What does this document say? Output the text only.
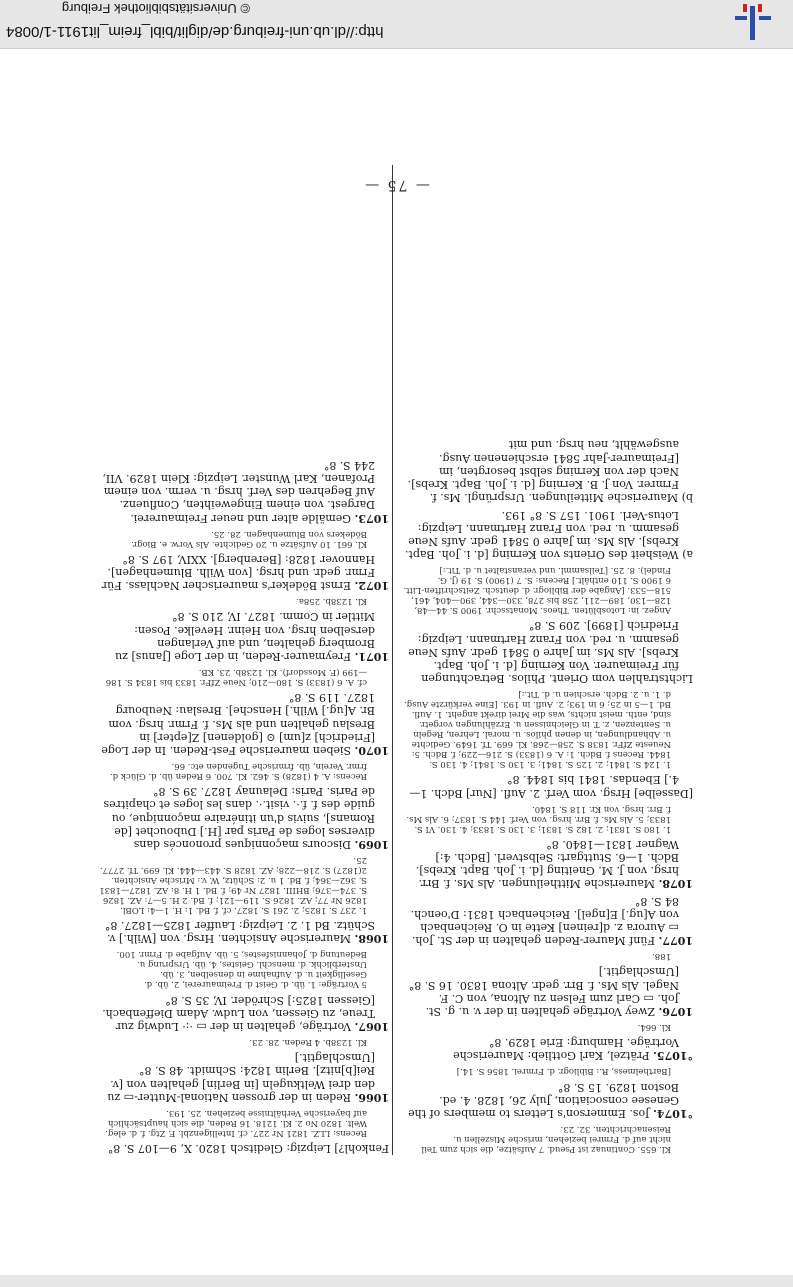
© Universitätsbibliothek Freiburg
http://dl.ub.uni-freiburg.de/diglit/bibl_freim_lit1911-1/0084

Fenkohl?] Leipzig: Gleditsch 1820. X, 9—107 S. 8°

Recens: LLZ. 1821 Nr 227. cf. Intelligenzbl. F. Ztg. f. d. eleg. Welt. 1820 No 2. Kl. 1218. 16 Reden, die sich hauptsächlich auf bayerische Verhältnisse beziehen. 25. 193.

1066. Reden in der grossen National-Mutter-▭ zu den drei Weltkugeln [in Berlin] gehalten von [v. Rei[b]nitz]. Berlin 1824: Schmidt. 48 S. 8° [Umschlagtit.]

Kl. 1238b. 4 Reden. 28. 23.

1067. Vorträge, gehalten in der ▭ ·:· Ludwig zur Treue, zu Giessen, von Ludw. Adam Dieffenbach. [Giessen 1825:] Schröder. IV, 35 S. 8°

5 Vorträge: 1. üb. d. Geist d. Freimaurerei, 2. üb. d. Geselligkeit u. d. Aufnahme in denselben, 3. üb. Unsterblichk. d. menschl. Geistes, 4. üb. Ursprung u. Bedeutung d. Johannisfestes, 5. üb. Aufgabe d. Frmr. 100.

1068. Maurerische Ansichten. Hrsg. von [Wilh.] v. Schütz. Bd 1. 2. Leipzig: Lauffer 1825—1827. 8°

1. 237 S. 1825; 2. 261 S. 1827. cf. f. Bd. 1: H. 1—4: LOBl. 1826 Nr 77; AZ. 1826 S. 119—121; f. Bd. 2 H. 5—7: AZ. 1826 S. 374—376; BHIII. 1827 Nr 49; f. Bd. 1 H. 8: AZ. 1827—1831 S. 362—364; f. Bd. 1 u. 2: Schütz, W. v.: Mrische Ansichten. 2(1827) S. 218—228; AZ. 1828 S. 443—444. Kl. 699. Tf. 2777. 25.

1069. Discours maçonniques prononcés dans diverses loges de Paris par [H.] Dubouchet [de Romans], suivis d'un itinéraire maçonnique, ou guide des f. f.·. visit.·. dans les loges et chapitres de Paris. Paris: Delaunay 1827. 39 S. 8°

Recens: A. 4 (1828) S. 462. Kl. 700. 6 Reden üb. d. Glück d. frmr. Verein, üb. frmrische Tugenden etc. 66.

1070. Sieben maurerische Fest-Reden. In der Loge [Friedrich] z[um] ⊙ [goldenen] Z[epter] in Breslau gehalten und als Ms. f. Frmr. hrsg. vom Br. A[ug.] Wilh.] Hensche]. Breslau: Neubourg 1827. 119 S. 8°

cf. A. 6 (1833) S. 180—210; Neue ZfFr. 1833 bis 1834 S. 186—199 (F. Mossdorf). Kl. 1238b. 23. KB.

1071. Freymaurer-Reden, in der Loge [Janus] zu Bromberg gehalten, und auf Verlangen derselben hrsg. von Heinr. Hevelke. Posen: Mittler in Comm. 1827. IV, 210 S. 8°

Kl. 1238b. 258a.

1072. Ernst Bödeker's maurerischer Nachlass. Für Frmr. gedr. und hrsg. [von Wilh. Blumenhagen]. Hannover 1828: [Berenberg]. XXIV, 197 S. 8°

Kl. 661. 10 Aufsätze u. 20 Gedichte. Als Vorw. e. Biogr. Bödekers von Blumenhagen. 28. 25.

1073. Gemälde alter und neuer Freimaurerei. Dargest. von einem Eingeweihten, Confluenz. Auf Begehren des Verf. hrsg. u. verm. von einem Profanen, Karl Wunster. Leipzig: Klein 1829. VII, 244 S. 8°

Kl. 655. Continuaz ist Pseud. 7 Aufsätze, die sich zum Teil nicht auf d. Frmrei beziehen, mrische Miszellen u. Reisenachrichten. 32. 23.

°1074. Jos. Emmerson's Letters to members of the Genesee consociation, July 26, 1828. 4. ed. Boston 1829. 15 S. 8°

[Barthelmess, R.: Bibliogr. d. Frmrei. 1856 S. 14.]

°1075. Prätzel, Karl Gottlieb: Maurerische Vorträge. Hamburg: Erie 1829. 8°

Kl. 664.

1076. Zwey Vorträge gehalten in der v. u. g. St. Joh. ▭ Carl zum Felsen zu Altona, von C. F. Nagel. Als Ms. f. Brr. gedr. Altona 1830. 16 S. 8° [Umschlagtit.]

188.

1077. Fünf Maurer-Reden gehalten in der St. Joh. ▭ Aurora z. d[reinen] Kette in O. Reichenbach von A[ug.] E[ngel]. Reichenbach 1831: D'oench. 84 S. 8°

1078. Maurerische Mittheilungen. Als Ms. f. Brr. hrsg. von J. M. Gneiting [d. i. Joh. Bapt. Krebs]. Bdch. 1—6. Stuttgart: Selbstverl. [Bdch. 4:] Wagner 1831—1840. 8°

1. 180 S. 1831; 2. 182 S. 1831; 3. 130 S. 1833; 4. 130. VI S. 1833; 5. Als Ms. f. Brr. hrsg. von Verf. 144 S. 1837; 6. Als Ms. f. Brr. hrsg. von Kr. 118 S. 1840.

[Dasselbe] Hrsg. vom Verf. 2. Aufl. [Nur] Bdch. 1—4.] Ebendas. 1841 bis 1844. 8°

1. 124 S. 1841; 2. 125 S. 1841; 3. 130 S. 1841; 4. 130 S. 1844. Recens f. Bdch. 1: A. 6 (1833) S. 216—229; f. Bdch. 5: Neueste ZfFr. 1838 S. 258—268. Kl. 669. Tf. 1649. Gedichte u. Abhandlungen, in denen philos. u. moral. Lehren, Regeln u. Sentenzen, z. T. in Gleichnissen u. Erzählungen vorgetr. sind, enth. meist nichts, was die Mrei direkt angeht. 1. Aufl. Bd. 1—5 in 25; 6 in 193; 2. Aufl. in 193. [Eine verkürzte Ausg. d. 1. u. 2. Bdch. erschien u. d. Tit.:]

Lichtstrahlen vom Orient. Philos. Betrachtungen für Freimaurer. Von Kerning [d. i. Joh. Bapt. Krebs]. Als Ms. im Jahre 0 5841 gedr. Aufs Neue gesamm. u. red. von Franz Hartmann. Leipzig: Friedrich [1899]. 209 S. 8°

Angez. in: Lotosblüten. Theos. Monatsschr. 1900 S. 44—48, 128—130, 189—211, 258 bis 278, 330—344, 390—404, 461, 518—533. [Angabe der Bibliogr. d. deutsch. Zeitschriften-Litt. 6 1900 S. 110 enthält.] Recens: S. 7 (1900) S. 19 (J. G. Findel). 8. 25. [Teilsamml. und veranstaltet u. d. Tit.:]

a) Weisheit des Orients von Kerning [d. i. Joh. Bapt. Krebs]. Als Ms. im Jahre 0 5841 gedr. Aufs Neue gesamm. u. red. von Franz Hartmann. Leipzig: Lotus-Verl. 1901. 157 S. 8° 193.

b) Maurerische Mitteilungen. Ursprüngl. Ms. f. Frmrer. Von J. B. Kerning [d. i. Joh. Bapt. Krebs]. Nach der von Kerning selbst besorgten, im [Freimaurer-Jahr 5841 erschienenen Ausg. ausgewählt, neu hrsg. und mit

— 75 —
